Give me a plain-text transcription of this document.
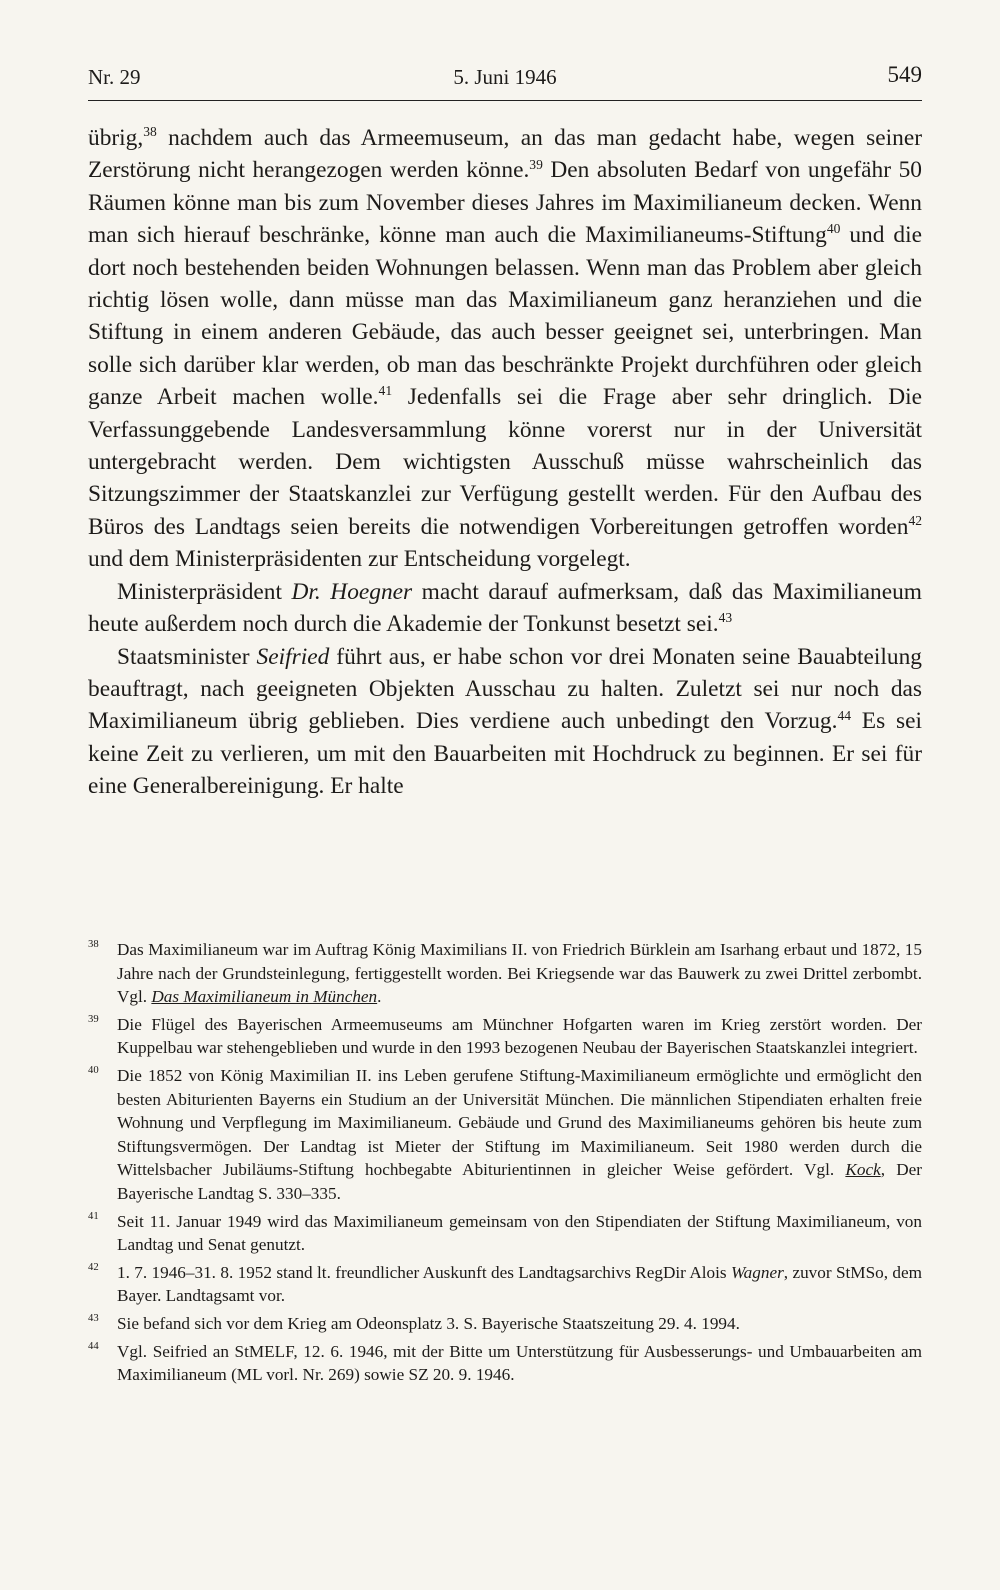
Nr. 29	5. Juni 1946	549

übrig,$^{38}$ nachdem auch das Armeemuseum, an das man gedacht habe, wegen seiner Zerstörung nicht herangezogen werden könne.$^{39}$ Den absoluten Bedarf von ungefähr 50 Räumen könne man bis zum November dieses Jahres im Maximilianeum decken. Wenn man sich hierauf beschränke, könne man auch die Maximilianeums-Stiftung$^{40}$ und die dort noch bestehenden beiden Wohnungen belassen. Wenn man das Problem aber gleich richtig lösen wolle, dann müsse man das Maximilianeum ganz heranziehen und die Stiftung in einem anderen Gebäude, das auch besser geeignet sei, unterbringen. Man solle sich darüber klar werden, ob man das beschränkte Projekt durchführen oder gleich ganze Arbeit machen wolle.$^{41}$ Jedenfalls sei die Frage aber sehr dringlich. Die Verfassunggebende Landesversammlung könne vorerst nur in der Universität untergebracht werden. Dem wichtigsten Ausschuß müsse wahrscheinlich das Sitzungszimmer der Staatskanzlei zur Verfügung gestellt werden. Für den Aufbau des Büros des Landtags seien bereits die notwendigen Vorbereitungen getroffen worden$^{42}$ und dem Ministerpräsidenten zur Entscheidung vorgelegt.

Ministerpräsident Dr. Hoegner macht darauf aufmerksam, daß das Maximilianeum heute außerdem noch durch die Akademie der Tonkunst besetzt sei.$^{43}$

Staatsminister Seifried führt aus, er habe schon vor drei Monaten seine Bauabteilung beauftragt, nach geeigneten Objekten Ausschau zu halten. Zuletzt sei nur noch das Maximilianeum übrig geblieben. Dies verdiene auch unbedingt den Vorzug.$^{44}$ Es sei keine Zeit zu verlieren, um mit den Bauarbeiten mit Hochdruck zu beginnen. Er sei für eine Generalbereinigung. Er halte

38 Das Maximilianeum war im Auftrag König Maximilians II. von Friedrich Bürklein am Isarhang erbaut und 1872, 15 Jahre nach der Grundsteinlegung, fertiggestellt worden. Bei Kriegsende war das Bauwerk zu zwei Drittel zerbombt. Vgl. Das Maximilianeum in München.
39 Die Flügel des Bayerischen Armeemuseums am Münchner Hofgarten waren im Krieg zerstört worden. Der Kuppelbau war stehengeblieben und wurde in den 1993 bezogenen Neubau der Bayerischen Staatskanzlei integriert.
40 Die 1852 von König Maximilian II. ins Leben gerufene Stiftung-Maximilianeum ermöglichte und ermöglicht den besten Abiturienten Bayerns ein Studium an der Universität München. Die männlichen Stipendiaten erhalten freie Wohnung und Verpflegung im Maximilianeum. Gebäude und Grund des Maximilianeums gehören bis heute zum Stiftungsvermögen. Der Landtag ist Mieter der Stiftung im Maximilianeum. Seit 1980 werden durch die Wittelsbacher Jubiläums-Stiftung hochbegabte Abiturientinnen in gleicher Weise gefördert. Vgl. Kock, Der Bayerische Landtag S. 330–335.
41 Seit 11. Januar 1949 wird das Maximilianeum gemeinsam von den Stipendiaten der Stiftung Maximilianeum, von Landtag und Senat genutzt.
42 1. 7. 1946–31. 8. 1952 stand lt. freundlicher Auskunft des Landtagsarchivs RegDir Alois Wagner, zuvor StMSo, dem Bayer. Landtagsamt vor.
43 Sie befand sich vor dem Krieg am Odeonsplatz 3. S. Bayerische Staatszeitung 29. 4. 1994.
44 Vgl. Seifried an StMELF, 12. 6. 1946, mit der Bitte um Unterstützung für Ausbesserungs- und Umbauarbeiten am Maximilianeum (ML vorl. Nr. 269) sowie SZ 20. 9. 1946.
